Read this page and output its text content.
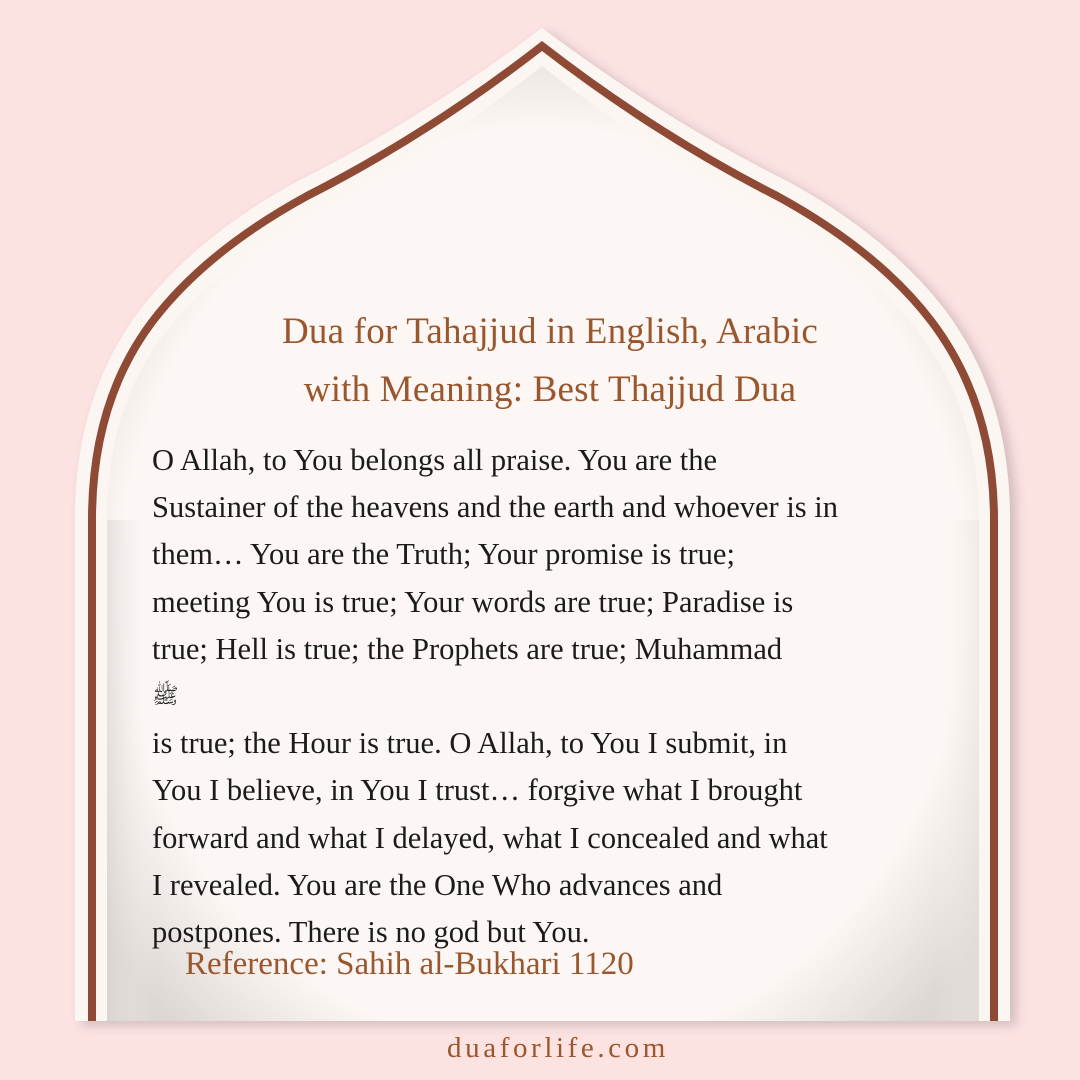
Dua for Tahajjud in English, Arabic
with Meaning: Best Thajjud Dua
O Allah, to You belongs all praise. You are the
Sustainer of the heavens and the earth and whoever is in
them… You are the Truth; Your promise is true;
meeting You is true; Your words are true; Paradise is
true; Hell is true; the Prophets are true; Muhammad
ﷺ
is true; the Hour is true. O Allah, to You I submit, in
You I believe, in You I trust… forgive what I brought
forward and what I delayed, what I concealed and what
I revealed. You are the One Who advances and
postpones. There is no god but You.
Reference: Sahih al-Bukhari 1120
duaforlife.com
